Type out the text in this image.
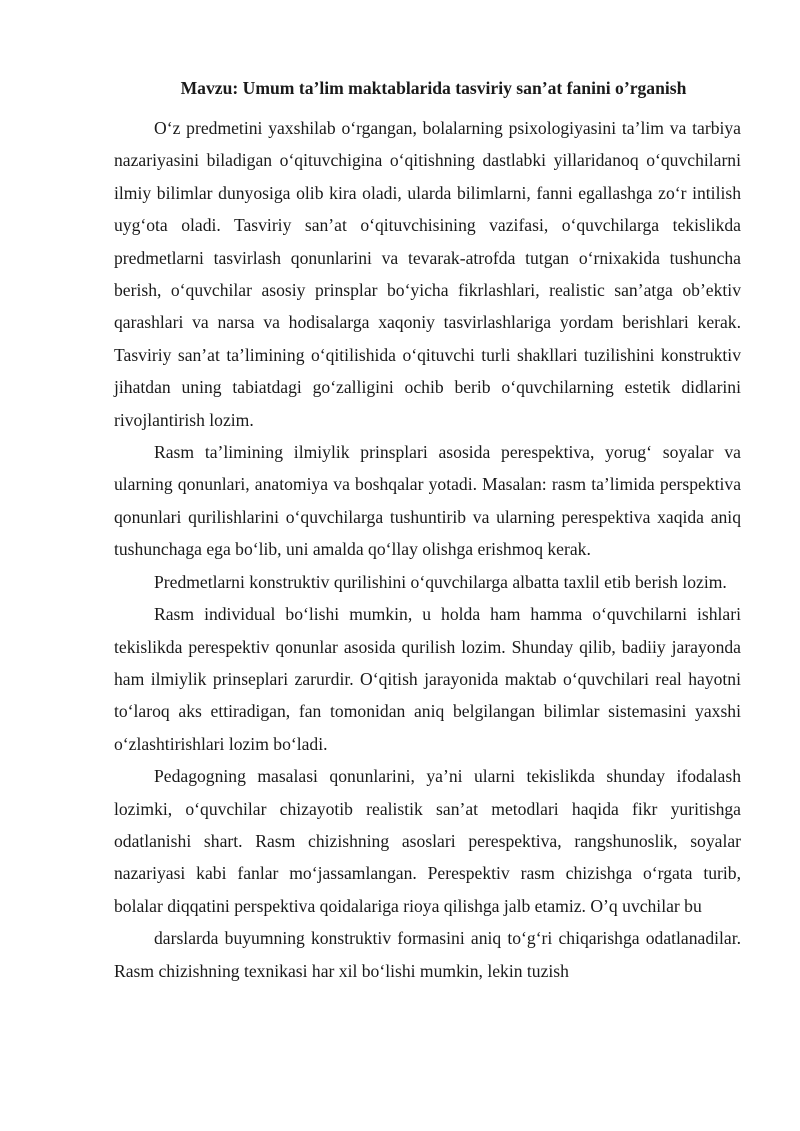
Mavzu: Umum ta’lim maktablarida tasviriy san’at fanini o’rganish

O‘z predmetini yaxshilab o‘rgangan, bolalarning psixologiyasini ta’lim va tarbiya nazariyasini biladigan o‘qituvchigina o‘qitishning dastlabki yillaridanoq o‘quvchilarni ilmiy bilimlar dunyosiga olib kira oladi, ularda bilimlarni, fanni egallashga zo‘r intilish uyg‘ota oladi. Tasviriy san’at o‘qituvchisining vazifasi, o‘quvchilarga tekislikda predmetlarni tasvirlash qonunlarini va tevarak-atrofda tutgan o‘rnixakida tushuncha berish, o‘quvchilar asosiy prinsplar bo‘yicha fikrlashlari, realistic san’atga ob’ektiv qarashlari va narsa va hodisalarga xaqoniy tasvirlashlariga yordam berishlari kerak. Tasviriy san’at ta’limining o‘qitilishida o‘qituvchi turli shakllari tuzilishini konstruktiv jihatdan uning tabiatdagi go‘zalligini ochib berib o‘quvchilarning estetik didlarini rivojlantirish lozim.

Rasm ta’limining ilmiylik prinsplari asosida perespektiva, yorug‘ soyalar va ularning qonunlari, anatomiya va boshqalar yotadi. Masalan: rasm ta’limida perspektiva qonunlari qurilishlarini o‘quvchilarga tushuntirib va ularning perespektiva xaqida aniq tushunchaga ega bo‘lib, uni amalda qo‘llay olishga erishmoq kerak.

Predmetlarni konstruktiv qurilishini o‘quvchilarga albatta taxlil etib berish lozim.

Rasm individual bo‘lishi mumkin, u holda ham hamma o‘quvchilarni ishlari tekislikda perespektiv qonunlar asosida qurilish lozim. Shunday qilib, badiiy jarayonda ham ilmiylik prinseplari zarurdir. O‘qitish jarayonida maktab o‘quvchilari real hayotni to‘laroq aks ettiradigan, fan tomonidan aniq belgilangan bilimlar sistemasini yaxshi o‘zlashtirishlari lozim bo‘ladi.

Pedagogning masalasi qonunlarini, ya’ni ularni tekislikda shunday ifodalash lozimki, o‘quvchilar chizayotib realistik san’at metodlari haqida fikr yuritishga odatlanishi shart. Rasm chizishning asoslari perespektiva, rangshunoslik, soyalar nazariyasi kabi fanlar mo‘jassamlangan. Perespektiv rasm chizishga o‘rgata turib, bolalar diqqatini perspektiva qoidalariga rioya qilishga jalb etamiz. O’q uvchilar bu

darslarda buyumning konstruktiv formasini aniq to‘g‘ri chiqarishga odatlanadilar. Rasm chizishning texnikasi har xil bo‘lishi mumkin, lekin tuzish
